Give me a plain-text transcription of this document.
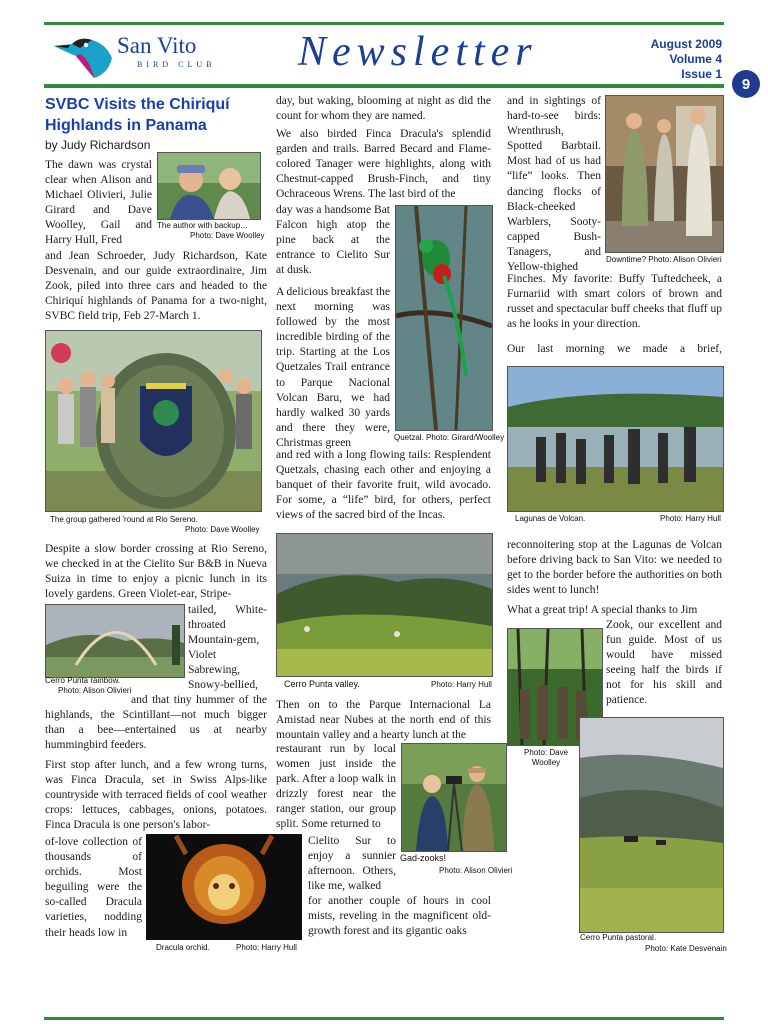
San Vito
BIRD CLUB Newsletter	August 2009
Volume 4
Issue 1
9
SVBC Visits the Chiriquí Highlands in Panama
by Judy Richardson
The dawn was crystal clear when Alison and Michael Olivieri, Julie Girard and Dave Woolley, Gail and Harry Hull, Fred
The author with backup…
Photo: Dave Woolley
and Jean Schroeder, Judy Richardson, Kate Desvenain, and our guide extraordinaire, Jim Zook, piled into three cars and headed to the Chiriquí highlands of Panama for a two-night, SVBC field trip, Feb 27-March 1.
The group gathered 'round at Rio Sereno.
Photo: Dave Woolley
Despite a slow border crossing at Rio Sereno, we checked in at the Cielito Sur B&B in Nueva Suiza in time to enjoy a picnic lunch in its lovely gardens. Green Violet-ear, Stripe-
Cerro Punta rainbow.
Photo: Alison Olivieri
tailed, White-throated Mountain-gem, Violet Sabrewing, Snowy-bellied,
and that tiny hummer of the highlands, the Scintillant—not much bigger than a bee—entertained us at nearby hummingbird feeders.
First stop after lunch, and a few wrong turns, was Finca Dracula, set in Swiss Alps-like countryside with terraced fields of cool weather crops: lettuces, cabbages, onions, potatoes. Finca Dracula is one person's labor-
of-love collection of thousands of orchids. Most beguiling were the so-called Dracula varieties, nodding their heads low in
Dracula orchid.	Photo: Harry Hull
day, but waking, blooming at night as did the count for whom they are named.
We also birded Finca Dracula's splendid garden and trails. Barred Becard and Flame-colored Tanager were highlights, along with Chestnut-capped Brush-Finch, and tiny Ochraceous Wrens. The last bird of the
day was a handsome Bat Falcon high atop the pine back at the entrance to Cielito Sur at dusk.
A delicious breakfast the next morning was followed by the most incredible birding of the trip. Starting at the Los Quetzales Trail entrance to Parque Nacional Volcan Baru, we had hardly walked 30 yards and there they were, Christmas green	Quetzal. Photo: Girard/Woolley
and red with a long flowing tails: Resplendent Quetzals, chasing each other and enjoying a banquet of their favorite fruit, wild avocado. For some, a “life” bird, for others, perfect views of the sacred bird of the Incas.
Cerro Punta valley.	Photo: Harry Hull
Then on to the Parque Internacional La Amistad near Nubes at the north end of this mountain valley and a hearty lunch at the
restaurant run by local women just inside the park. After a loop walk in drizzly forest near the ranger station, our group split. Some returned to
Gad-zooks!
Photo: Alison Olivieri
Cielito Sur to enjoy a sunnier afternoon. Others, like me, walked
for another couple of hours in cool mists, reveling in the magnificent old-growth forest and its gigantic oaks
and in sightings of hard-to-see birds: Wrenthrush, Spotted Barbtail. Most had of us had “life” looks. Then dancing flocks of Black-cheeked Warblers, Sooty-capped Bush-Tanagers, and Yellow-thighed
Downtime? Photo: Alison Olivieri
Finches. My favorite: Buffy Tuftedcheek, a Furnariid with smart colors of brown and russet and spectacular buff cheeks that fluff up as he looks in your direction.
Our last morning we made a brief,
Lagunas de Volcan.	Photo: Harry Hull
reconnoitering stop at the Lagunas de Volcan before driving back to San Vito: we needed to get to the border before the authorities on both sides went to lunch!
What a great trip! A special thanks to Jim
Photo: Dave Woolley
Zook, our excellent and fun guide. Most of us would have missed seeing half the birds if not for his skill and patience.
Cerro Punta pastoral.
Photo: Kate Desvenain
